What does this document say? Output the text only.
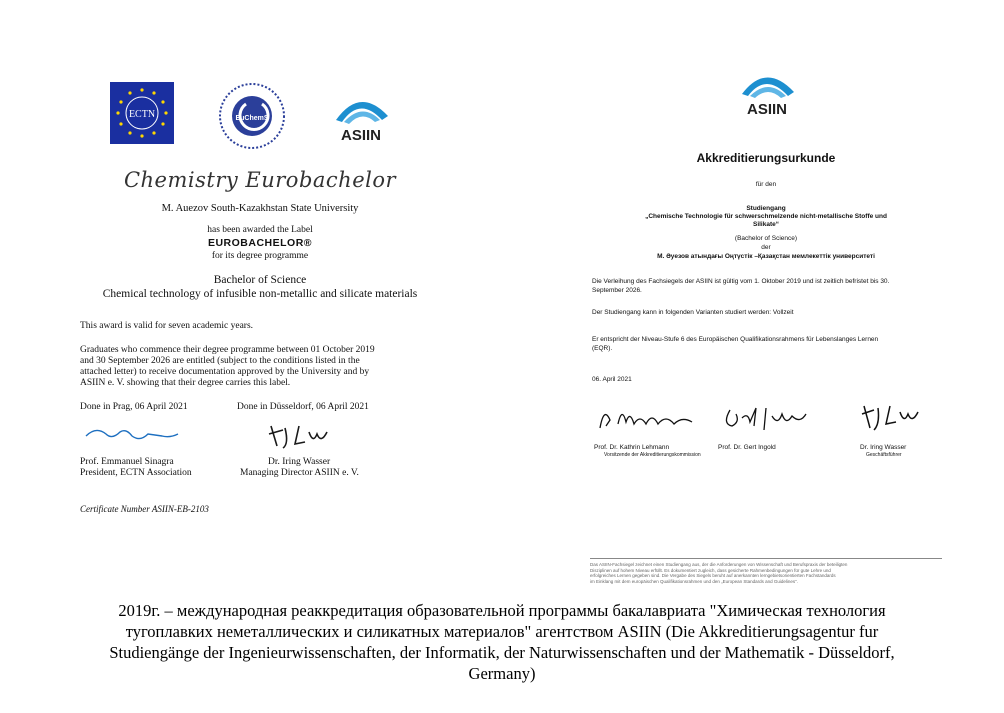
ECTN	EuChemS
ASIIN
Chemistry Eurobachelor
M. Auezov South-Kazakhstan State University
has been awarded the Label
EUROBACHELOR®
for its degree programme
Bachelor of Science
Chemical technology of infusible non-metallic and silicate materials
This award is valid for seven academic years.
Graduates who commence their degree programme between 01 October 2019
and 30 September 2026 are entitled (subject to the conditions listed in the
attached letter) to receive documentation approved by the University and by
ASIIN e. V. showing that their degree carries this label.
Done in Prag, 06 April 2021	Done in Düsseldorf, 06 April 2021
Prof. Emmanuel Sinagra
President, ECTN Association
Dr. Iring Wasser
Managing Director ASIIN e. V.
Certificate Number ASIIN-EB-2103
ASIIN
Akkreditierungsurkunde
für den
Studiengang
„Chemische Technologie für schwerschmelzende nicht-metallische Stoffe und
Silikate“
(Bachelor of Science)
der
M. Әуезов атындағы Оңтүстік –Қазақстан мемлекеттік университеті
Die Verleihung des Fachsiegels der ASIIN ist gültig vom 1. Oktober 2019 und ist zeitlich befristet bis 30.
September 2026.
Der Studiengang kann in folgenden Varianten studiert werden: Vollzeit
Er entspricht der Niveau-Stufe 6 des Europäischen Qualifikationsrahmens für Lebenslanges Lernen
(EQR).
06. April 2021
Prof. Dr. Kathrin Lehmann
Vorsitzende der Akkreditierungskommission
Prof. Dr. Gert Ingold	Dr. Iring Wasser
Geschäftsführer
Das ASIIN-Fachsiegel zeichnet einen Studiengang aus, der die Anforderungen von Wissenschaft und Berufspraxis der beteiligten
Disziplinen auf hohem Niveau erfüllt. Es dokumentiert zugleich, dass gesicherte Rahmenbedingungen für gute Lehre und
erfolgreiches Lernen gegeben sind. Die Vergabe des Siegels beruht auf anerkannten lerngebietsorientierten Fachstandards
im Einklang mit dem europäischen Qualifikationsrahmen und den „European Standards and Guidelines“.
2019г. – международная реаккредитация образовательной программы бакалавриата "Химическая технология
тугоплавких неметаллических и силикатных материалов" агентством ASIIN (Die Akkreditierungsagentur fur
Studiengänge der Ingenieurwissenschaften, der Informatik, der Naturwissenschaften und der Mathematik - Düsseldorf,
Germany)
